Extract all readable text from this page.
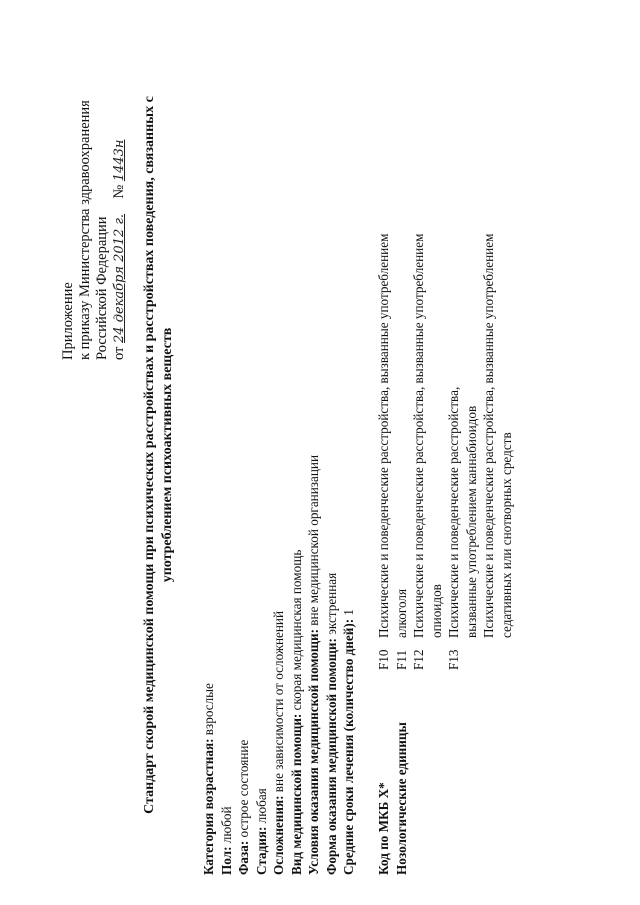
Приложение к приказу Министерства здравоохранения Российской Федерации от 24 декабря 2012 г.  № 1443н Стандарт скорой медицинской помощи при психических расстройствах и расстройствах поведения, связанных с употреблением психоактивных веществ
Категория возрастная: взрослые
Пол: любой
Фаза: острое состояние
Стадия: любая Осложнения: вне зависимости от осложнений
Вид медицинской помощи: скорая медицинская помощь Условия оказания медицинской помощи: вне медицинской организации
Форма оказания медицинской помощи: экстренная
Средние сроки лечения (количество дней): 1
Код по МКБ X* Нозологические единицы
F10 F11 F12	F13
Психические и поведенческие расстройства, вызванные употреблением алкоголя Психические и поведенческие расстройства, вызванные употреблением опиоидов Психические и поведенческие расстройства, вызванные употреблением каннабиоидов Психические и поведенческие расстройства, вызванные употреблением седативных или снотворных средств
